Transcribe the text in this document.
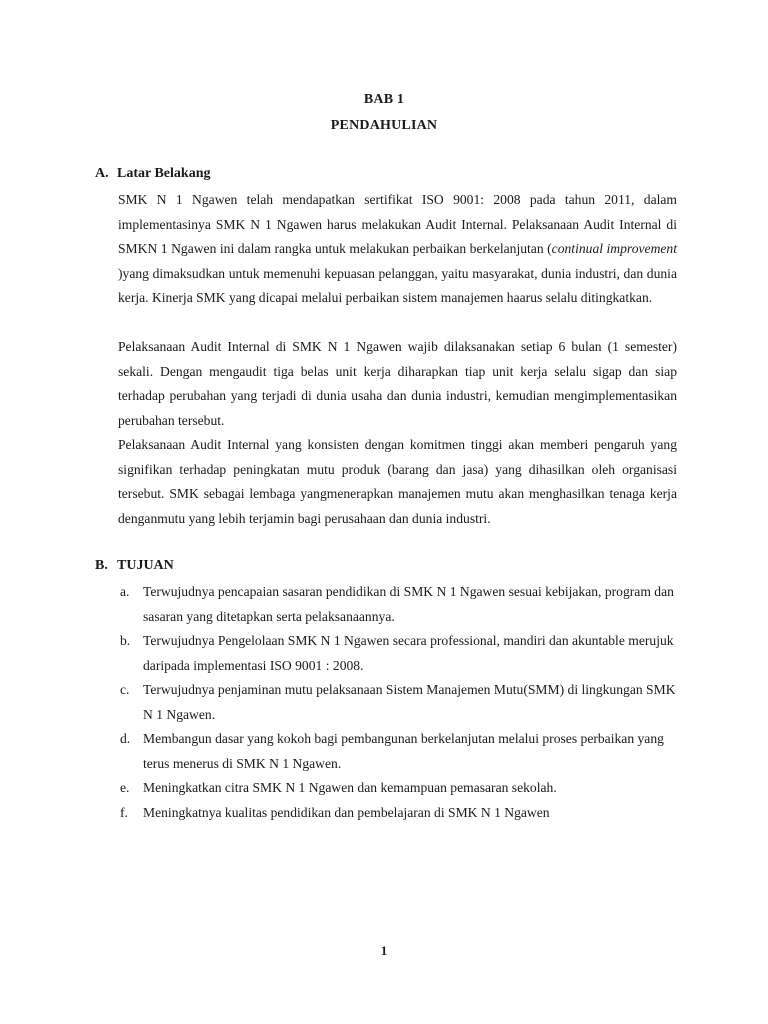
BAB 1
PENDAHULIAN
A. Latar Belakang

SMK N 1 Ngawen telah mendapatkan sertifikat ISO 9001: 2008 pada tahun 2011, dalam implementasinya SMK N 1 Ngawen harus melakukan Audit Internal. Pelaksanaan Audit Internal di SMKN 1 Ngawen ini dalam rangka untuk melakukan perbaikan berkelanjutan (continual improvement )yang dimaksudkan untuk memenuhi kepuasan pelanggan, yaitu masyarakat, dunia industri, dan dunia kerja. Kinerja SMK yang dicapai melalui perbaikan sistem manajemen haarus selalu ditingkatkan.

Pelaksanaan Audit Internal di SMK N 1 Ngawen wajib dilaksanakan setiap 6 bulan (1 semester) sekali. Dengan mengaudit tiga belas unit kerja diharapkan tiap unit kerja selalu sigap dan siap terhadap perubahan yang terjadi di dunia usaha dan dunia industri, kemudian mengimplementasikan perubahan tersebut.

Pelaksanaan Audit Internal yang konsisten dengan komitmen tinggi akan memberi pengaruh yang signifikan terhadap peningkatan mutu produk (barang dan jasa) yang dihasilkan oleh organisasi tersebut. SMK sebagai lembaga yangmenerapkan manajemen mutu akan menghasilkan tenaga kerja denganmutu yang lebih terjamin bagi perusahaan dan dunia industri.

B. TUJUAN
a. Terwujudnya pencapaian sasaran pendidikan di SMK N 1 Ngawen sesuai kebijakan, program dan sasaran yang ditetapkan serta pelaksanaannya.
b. Terwujudnya Pengelolaan SMK N 1 Ngawen secara professional, mandiri dan akuntable merujuk daripada implementasi ISO 9001 : 2008.
c. Terwujudnya penjaminan mutu pelaksanaan Sistem Manajemen Mutu(SMM) di lingkungan SMK N 1 Ngawen.
d. Membangun dasar yang kokoh bagi pembangunan berkelanjutan melalui proses perbaikan yang terus menerus di SMK N 1 Ngawen.
e. Meningkatkan citra SMK N 1 Ngawen dan kemampuan pemasaran sekolah.
f. Meningkatnya kualitas pendidikan dan pembelajaran di SMK N 1 Ngawen
1
